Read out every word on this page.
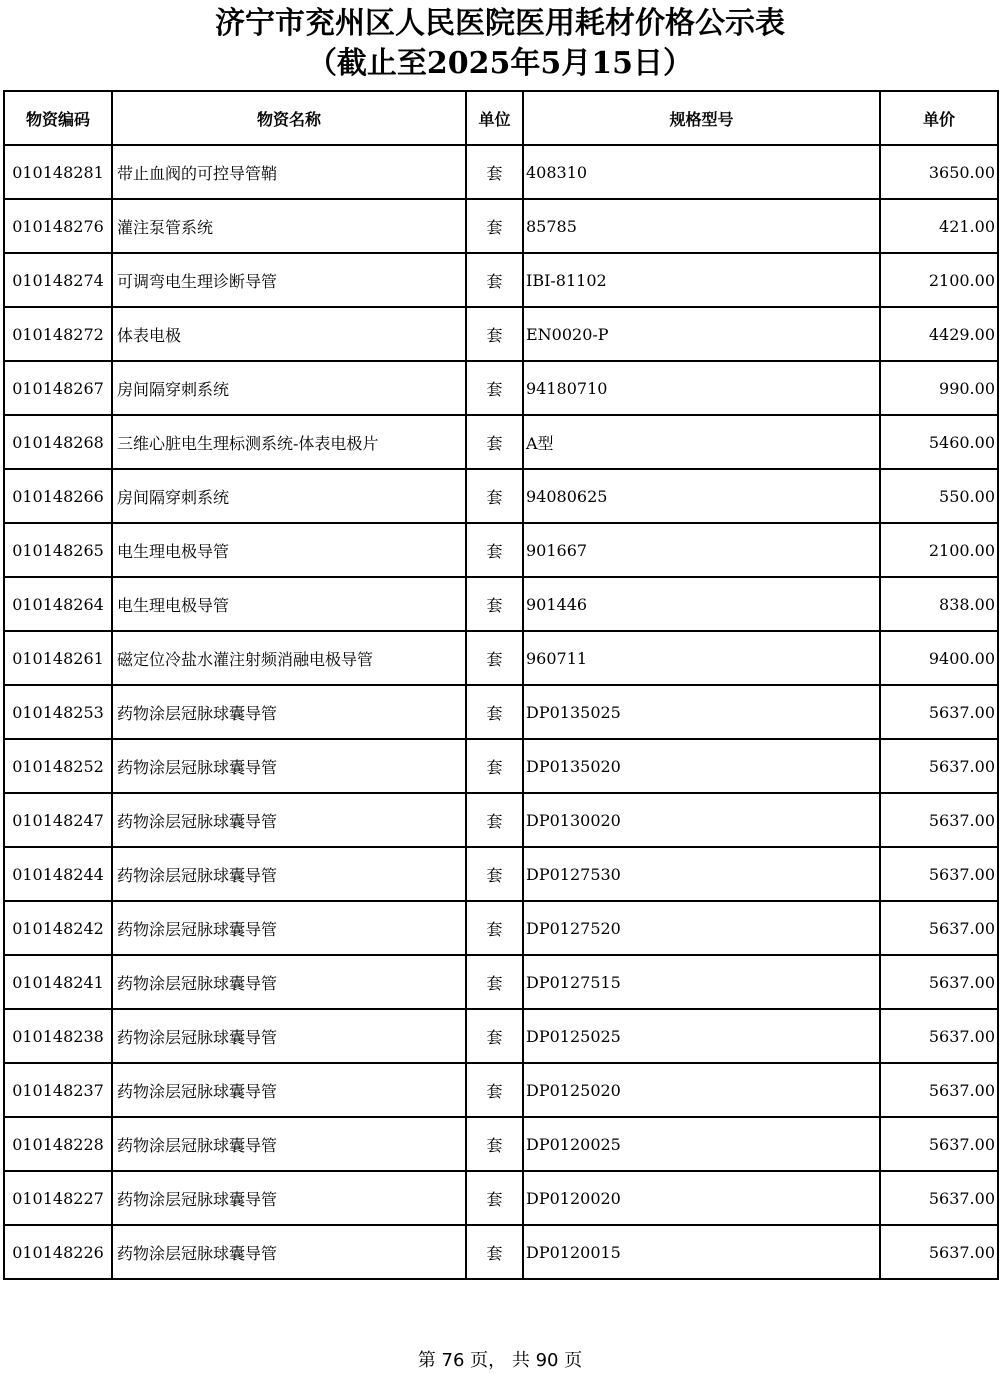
济宁市兖州区人民医院医用耗材价格公示表
（截止至2025年5月15日）
物资编码	物资名称	单位	规格型号	单价
010148281	带止血阀的可控导管鞘	套	408310	3650.00
010148276	灌注泵管系统	套	85785	421.00
010148274	可调弯电生理诊断导管	套	IBI-81102	2100.00
010148272	体表电极	套	EN0020-P	4429.00
010148267	房间隔穿刺系统	套	94180710	990.00
010148268	三维心脏电生理标测系统-体表电极片	套	A型	5460.00
010148266	房间隔穿刺系统	套	94080625	550.00
010148265	电生理电极导管	套	901667	2100.00
010148264	电生理电极导管	套	901446	838.00
010148261	磁定位冷盐水灌注射频消融电极导管	套	960711	9400.00
010148253	药物涂层冠脉球囊导管	套	DP0135025	5637.00
010148252	药物涂层冠脉球囊导管	套	DP0135020	5637.00
010148247	药物涂层冠脉球囊导管	套	DP0130020	5637.00
010148244	药物涂层冠脉球囊导管	套	DP0127530	5637.00
010148242	药物涂层冠脉球囊导管	套	DP0127520	5637.00
010148241	药物涂层冠脉球囊导管	套	DP0127515	5637.00
010148238	药物涂层冠脉球囊导管	套	DP0125025	5637.00
010148237	药物涂层冠脉球囊导管	套	DP0125020	5637.00
010148228	药物涂层冠脉球囊导管	套	DP0120025	5637.00
010148227	药物涂层冠脉球囊导管	套	DP0120020	5637.00
010148226	药物涂层冠脉球囊导管	套	DP0120015	5637.00
第 76 页， 共 90 页
